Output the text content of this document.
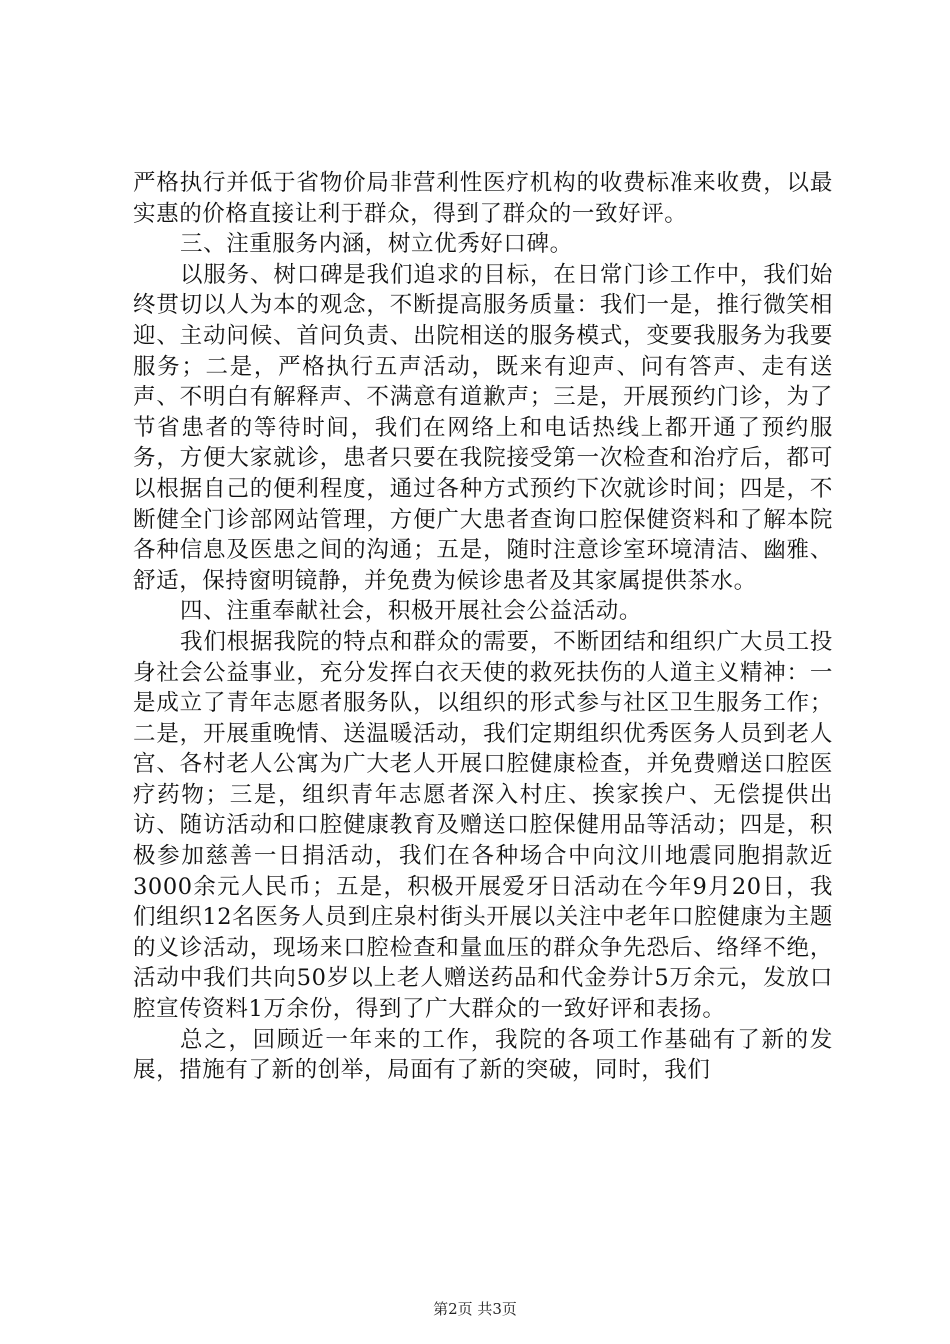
严格执行并低于省物价局非营利性医疗机构的收费标准来收费，以最实惠的价格直接让利于群众，得到了群众的一致好评。

三、注重服务内涵，树立优秀好口碑。

以服务、树口碑是我们追求的目标，在日常门诊工作中，我们始终贯切以人为本的观念，不断提高服务质量：我们一是，推行微笑相迎、主动问候、首问负责、出院相送的服务模式，变要我服务为我要服务；二是，严格执行五声活动，既来有迎声、问有答声、走有送声、不明白有解释声、不满意有道歉声；三是，开展预约门诊，为了节省患者的等待时间，我们在网络上和电话热线上都开通了预约服务，方便大家就诊，患者只要在我院接受第一次检查和治疗后，都可以根据自己的便利程度，通过各种方式预约下次就诊时间；四是，不断健全门诊部网站管理，方便广大患者查询口腔保健资料和了解本院各种信息及医患之间的沟通；五是，随时注意诊室环境清洁、幽雅、舒适，保持窗明镜静，并免费为候诊患者及其家属提供茶水。

四、注重奉献社会，积极开展社会公益活动。

我们根据我院的特点和群众的需要，不断团结和组织广大员工投身社会公益事业，充分发挥白衣天使的救死扶伤的人道主义精神：一是成立了青年志愿者服务队，以组织的形式参与社区卫生服务工作；二是，开展重晚情、送温暖活动，我们定期组织优秀医务人员到老人宫、各村老人公寓为广大老人开展口腔健康检查，并免费赠送口腔医疗药物；三是，组织青年志愿者深入村庄、挨家挨户、无偿提供出访、随访活动和口腔健康教育及赠送口腔保健用品等活动；四是，积极参加慈善一日捐活动，我们在各种场合中向汶川地震同胞捐款近3000余元人民币；五是，积极开展爱牙日活动在今年9月20日，我们组织12名医务人员到庄泉村街头开展以关注中老年口腔健康为主题的义诊活动，现场来口腔检查和量血压的群众争先恐后、络绎不绝，活动中我们共向50岁以上老人赠送药品和代金券计5万余元，发放口腔宣传资料1万余份，得到了广大群众的一致好评和表扬。

总之，回顾近一年来的工作，我院的各项工作基础有了新的发展，措施有了新的创举，局面有了新的突破，同时，我们

第2页 共3页
